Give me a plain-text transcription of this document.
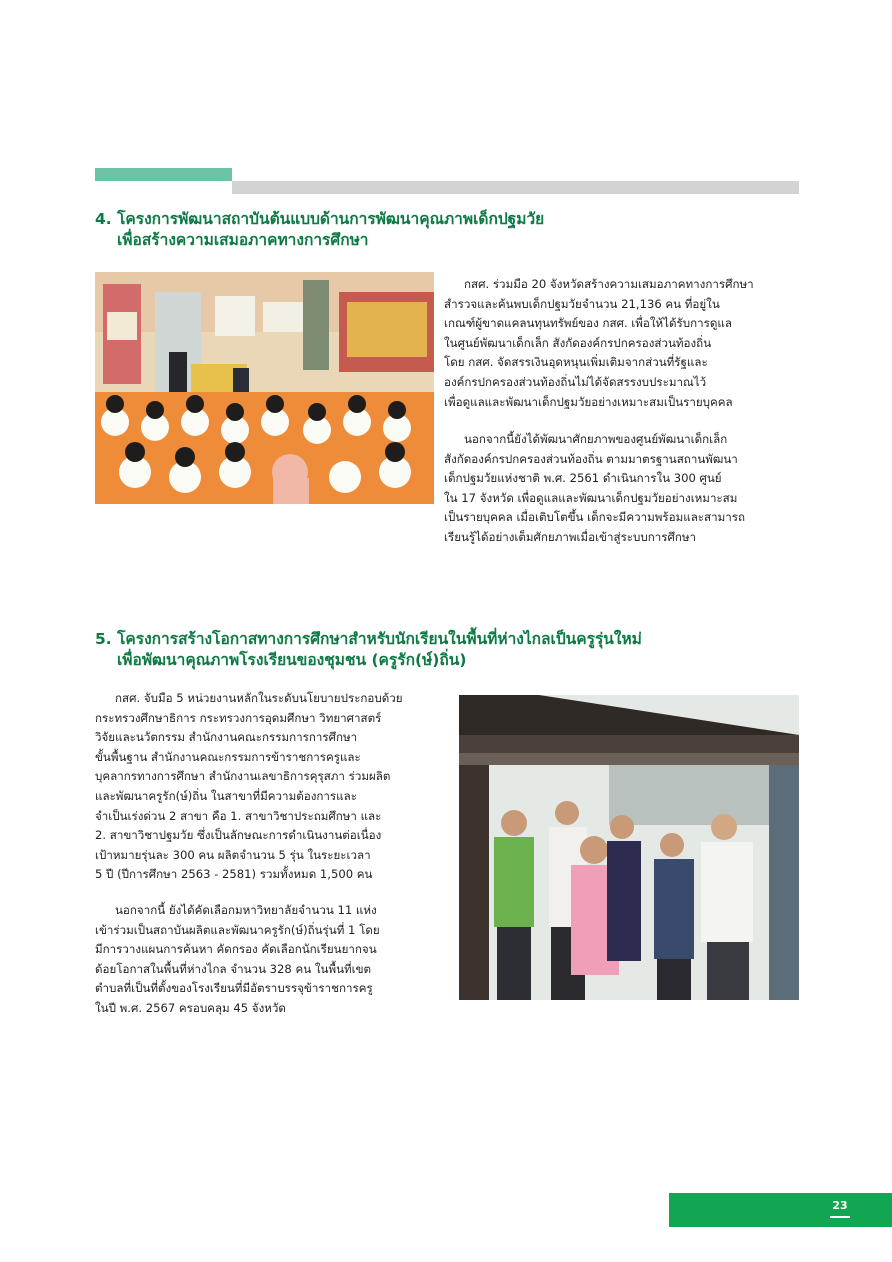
4. โครงการพัฒนาสถาบันต้นแบบด้านการพัฒนาคุณภาพเด็กปฐมวัย
เพื่อสร้างความเสมอภาคทางการศึกษา
กสศ. ร่วมมือ 20 จังหวัดสร้างความเสมอภาคทางการศึกษา
สำรวจและค้นพบเด็กปฐมวัยจำนวน 21,136 คน ที่อยู่ใน
เกณฑ์ผู้ขาดแคลนทุนทรัพย์ของ กสศ. เพื่อให้ได้รับการดูแล
ในศูนย์พัฒนาเด็กเล็ก สังกัดองค์กรปกครองส่วนท้องถิ่น
โดย กสศ. จัดสรรเงินอุดหนุนเพิ่มเติมจากส่วนที่รัฐและ
องค์กรปกครองส่วนท้องถิ่นไม่ได้จัดสรรงบประมาณไว้
เพื่อดูแลและพัฒนาเด็กปฐมวัยอย่างเหมาะสมเป็นรายบุคคล
นอกจากนี้ยังได้พัฒนาศักยภาพของศูนย์พัฒนาเด็กเล็ก
สังกัดองค์กรปกครองส่วนท้องถิ่น ตามมาตรฐานสถานพัฒนา
เด็กปฐมวัยแห่งชาติ พ.ศ. 2561 ดำเนินการใน 300 ศูนย์
ใน 17 จังหวัด เพื่อดูแลและพัฒนาเด็กปฐมวัยอย่างเหมาะสม
เป็นรายบุคคล เมื่อเติบโตขึ้น เด็กจะมีความพร้อมและสามารถ
เรียนรู้ได้อย่างเต็มศักยภาพเมื่อเข้าสู่ระบบการศึกษา
5. โครงการสร้างโอกาสทางการศึกษาสำหรับนักเรียนในพื้นที่ห่างไกลเป็นครูรุ่นใหม่
เพื่อพัฒนาคุณภาพโรงเรียนของชุมชน (ครูรัก(ษ์)ถิ่น)
กสศ. จับมือ 5 หน่วยงานหลักในระดับนโยบายประกอบด้วย
กระทรวงศึกษาธิการ กระทรวงการอุดมศึกษา วิทยาศาสตร์
วิจัยและนวัตกรรม สำนักงานคณะกรรมการการศึกษา
ขั้นพื้นฐาน สำนักงานคณะกรรมการข้าราชการครูและ
บุคลากรทางการศึกษา สำนักงานเลขาธิการคุรุสภา ร่วมผลิต
และพัฒนาครูรัก(ษ์)ถิ่น ในสาขาที่มีความต้องการและ
จำเป็นเร่งด่วน 2 สาขา คือ 1. สาขาวิชาประถมศึกษา และ
2. สาขาวิชาปฐมวัย ซึ่งเป็นลักษณะการดำเนินงานต่อเนื่อง
เป้าหมายรุ่นละ 300 คน ผลิตจำนวน 5 รุ่น ในระยะเวลา
5 ปี (ปีการศึกษา 2563 - 2581) รวมทั้งหมด 1,500 คน
นอกจากนี้ ยังได้คัดเลือกมหาวิทยาลัยจำนวน 11 แห่ง
เข้าร่วมเป็นสถาบันผลิตและพัฒนาครูรัก(ษ์)ถิ่นรุ่นที่ 1 โดย
มีการวางแผนการค้นหา คัดกรอง คัดเลือกนักเรียนยากจน
ด้อยโอกาสในพื้นที่ห่างไกล จำนวน 328 คน ในพื้นที่เขต
ตำบลที่เป็นที่ตั้งของโรงเรียนที่มีอัตราบรรจุข้าราชการครู
ในปี พ.ศ. 2567 ครอบคลุม 45 จังหวัด
23
